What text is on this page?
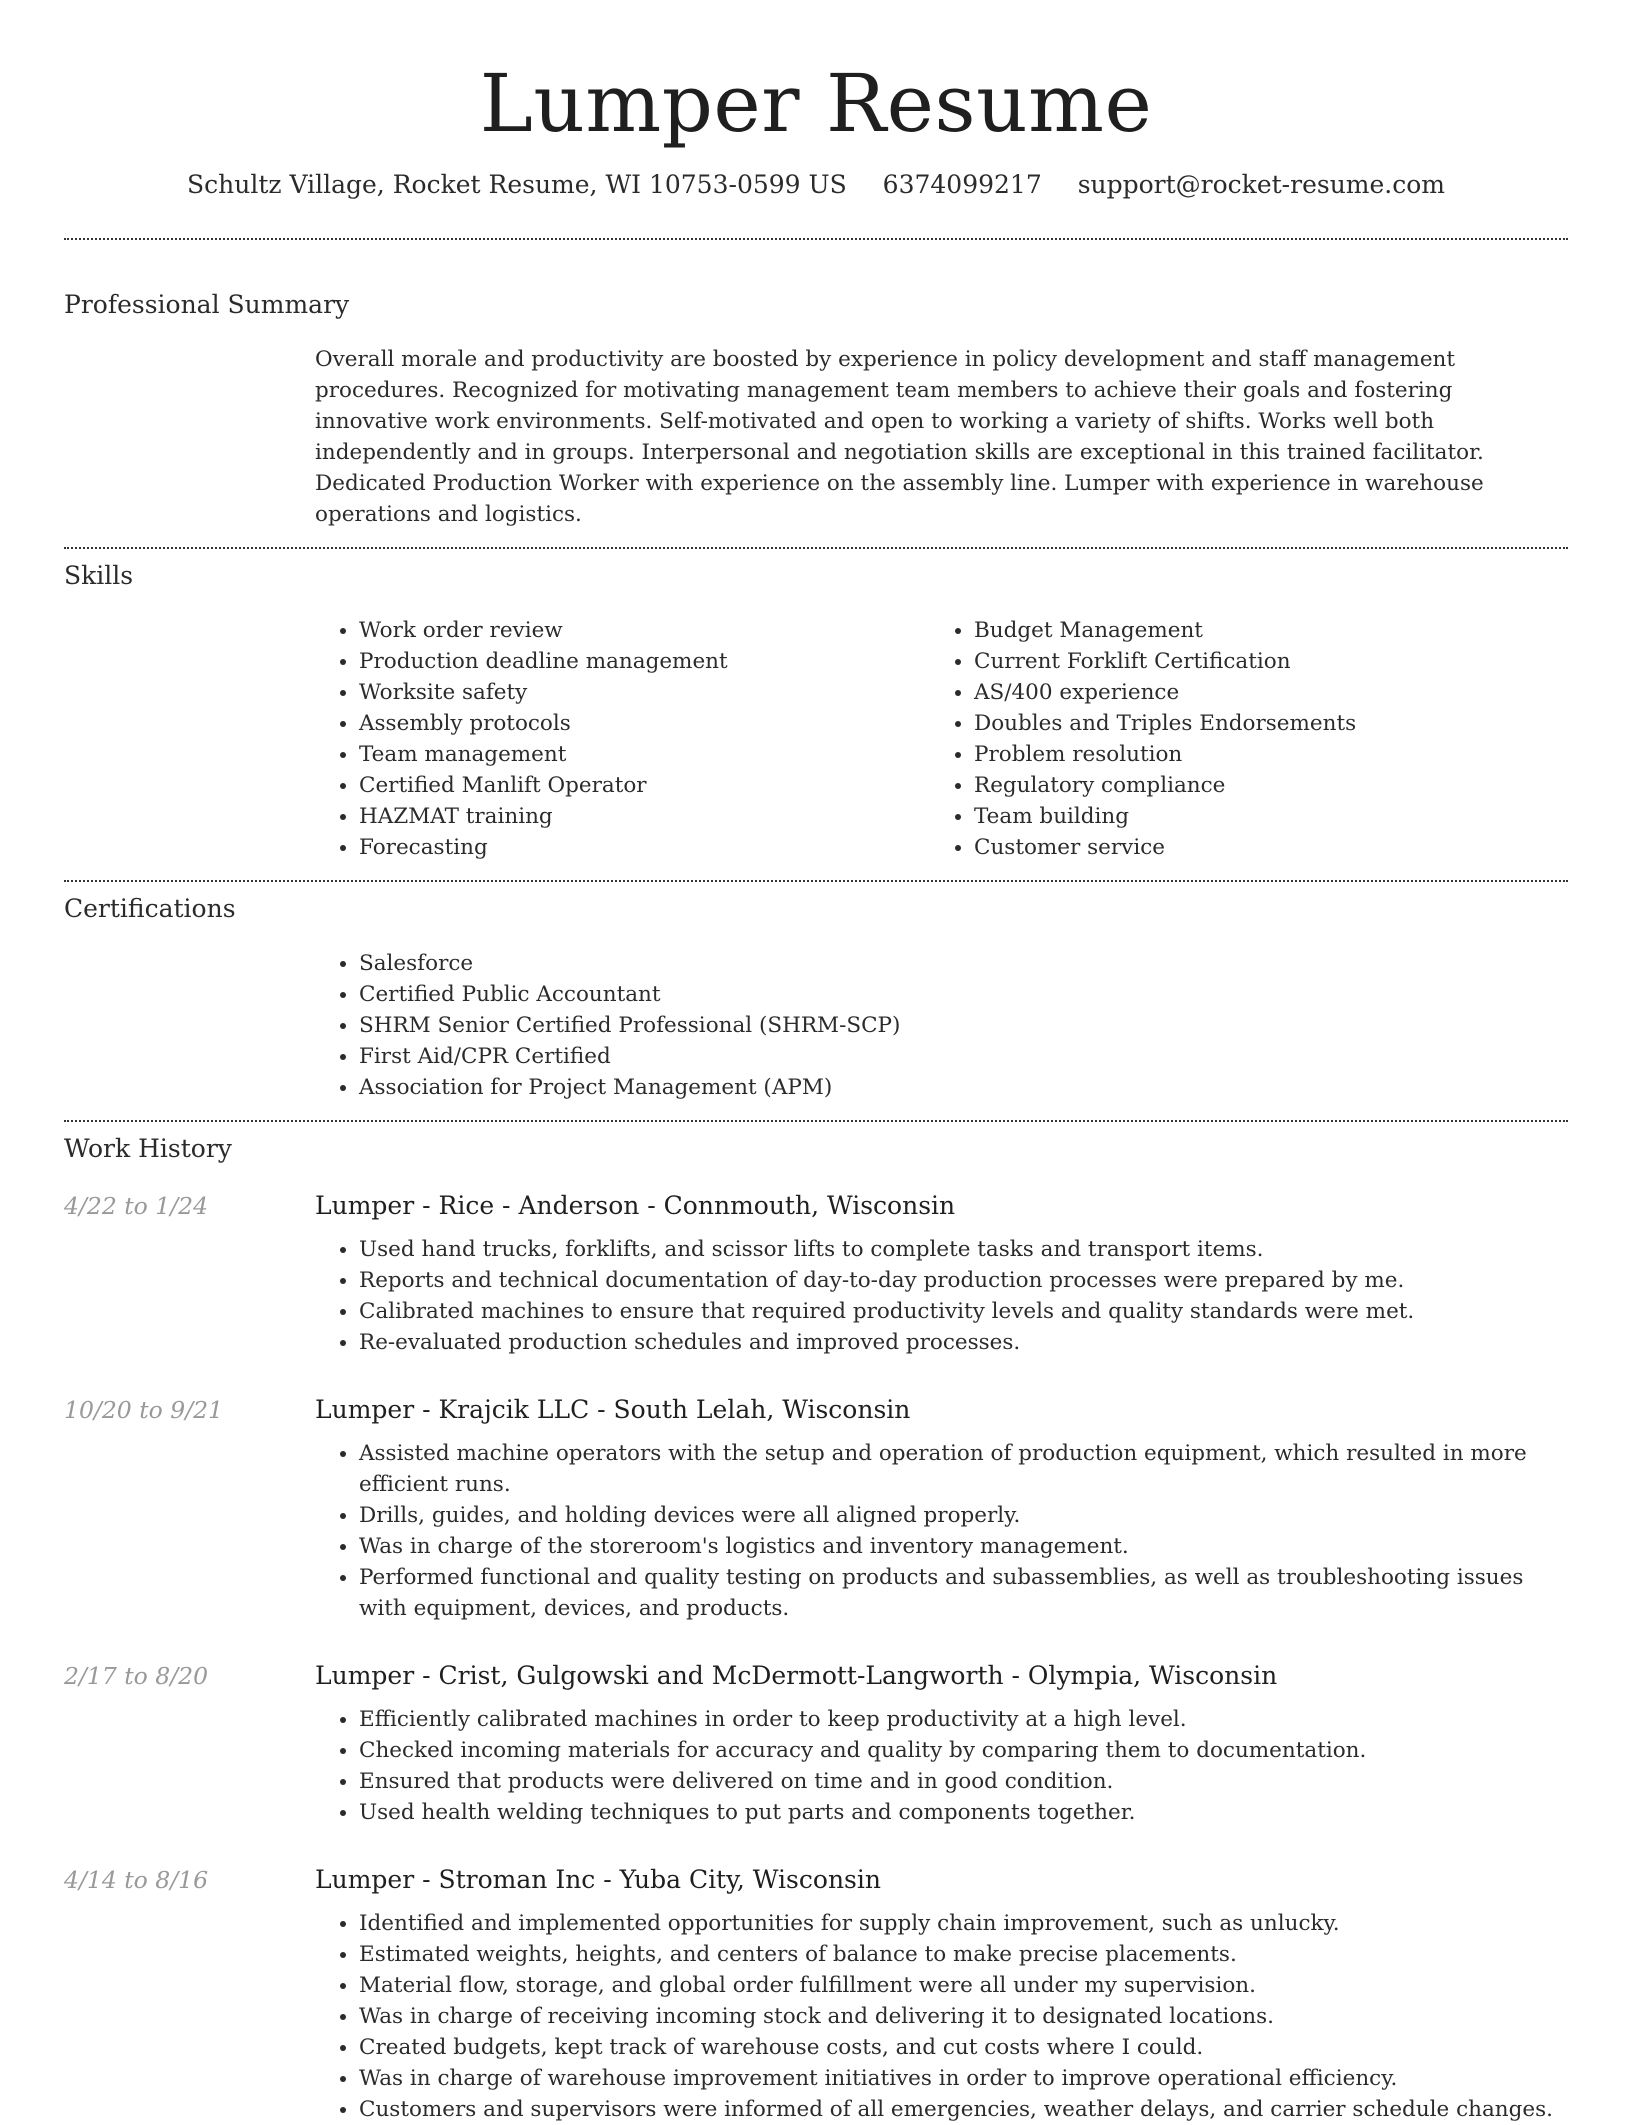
Lumper Resume
Schultz Village, Rocket Resume, WI 10753-0599 US 6374099217 support@rocket-resume.com
Professional Summary
Overall morale and productivity are boosted by experience in policy development and staff management procedures. Recognized for motivating management team members to achieve their goals and fostering innovative work environments. Self-motivated and open to working a variety of shifts. Works well both independently and in groups. Interpersonal and negotiation skills are exceptional in this trained facilitator. Dedicated Production Worker with experience on the assembly line. Lumper with experience in warehouse operations and logistics.
Skills
• Work order review
• Production deadline management
• Worksite safety
• Assembly protocols
• Team management
• Certified Manlift Operator
• HAZMAT training
• Forecasting
• Budget Management
• Current Forklift Certification
• AS/400 experience
• Doubles and Triples Endorsements
• Problem resolution
• Regulatory compliance
• Team building
• Customer service
Certifications
• Salesforce
• Certified Public Accountant
• SHRM Senior Certified Professional (SHRM-SCP)
• First Aid/CPR Certified
• Association for Project Management (APM)
Work History
4/22 to 1/24	Lumper - Rice - Anderson - Connmouth, Wisconsin
• Used hand trucks, forklifts, and scissor lifts to complete tasks and transport items.
• Reports and technical documentation of day-to-day production processes were prepared by me.
• Calibrated machines to ensure that required productivity levels and quality standards were met.
• Re-evaluated production schedules and improved processes.
10/20 to 9/21	Lumper - Krajcik LLC - South Lelah, Wisconsin
• Assisted machine operators with the setup and operation of production equipment, which resulted in more efficient runs.
• Drills, guides, and holding devices were all aligned properly.
• Was in charge of the storeroom's logistics and inventory management.
• Performed functional and quality testing on products and subassemblies, as well as troubleshooting issues with equipment, devices, and products.
2/17 to 8/20	Lumper - Crist, Gulgowski and McDermott-Langworth - Olympia, Wisconsin
• Efficiently calibrated machines in order to keep productivity at a high level.
• Checked incoming materials for accuracy and quality by comparing them to documentation.
• Ensured that products were delivered on time and in good condition.
• Used health welding techniques to put parts and components together.
4/14 to 8/16	Lumper - Stroman Inc - Yuba City, Wisconsin
• Identified and implemented opportunities for supply chain improvement, such as unlucky.
• Estimated weights, heights, and centers of balance to make precise placements.
• Material flow, storage, and global order fulfillment were all under my supervision.
• Was in charge of receiving incoming stock and delivering it to designated locations.
• Created budgets, kept track of warehouse costs, and cut costs where I could.
• Was in charge of warehouse improvement initiatives in order to improve operational efficiency.
• Customers and supervisors were informed of all emergencies, weather delays, and carrier schedule changes.
